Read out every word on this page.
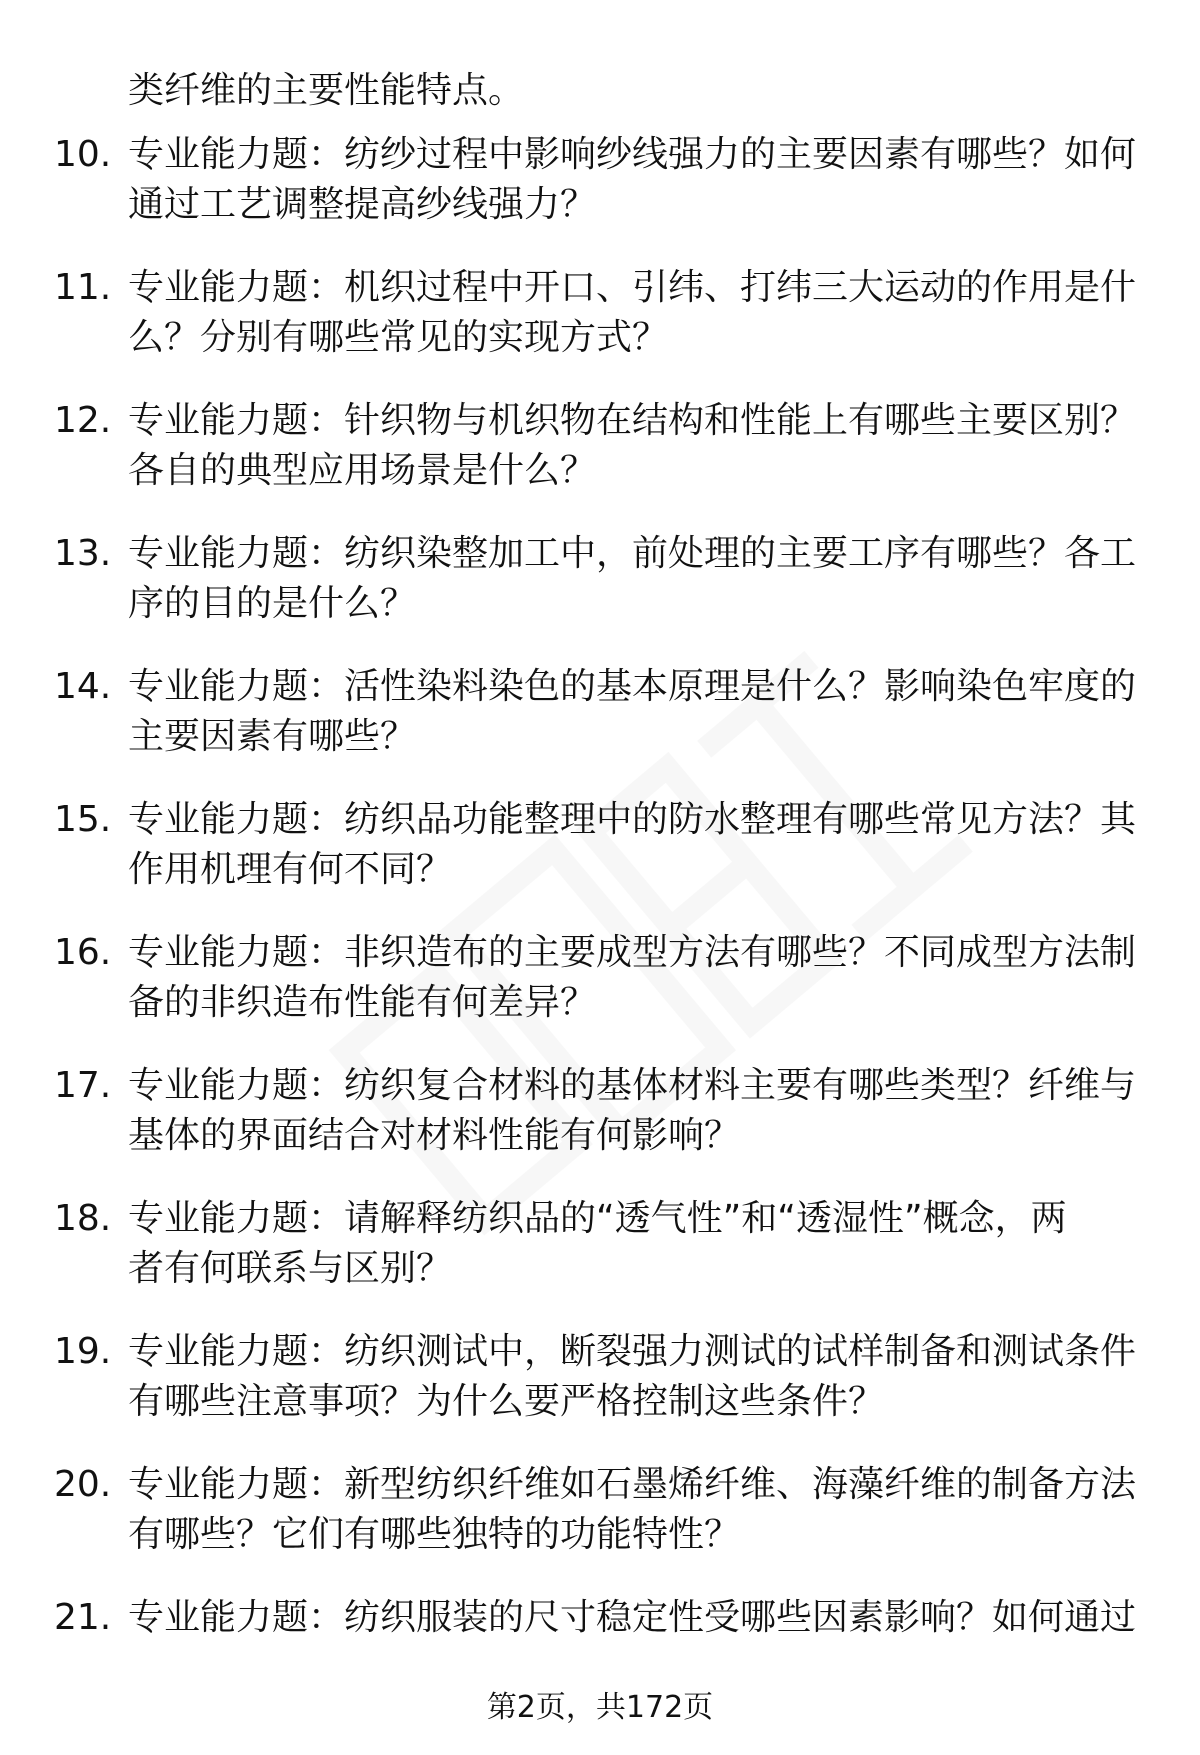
类纤维的主要性能特点。
10. 专业能力题：纺纱过程中影响纱线强力的主要因素有哪些？如何
通过工艺调整提高纱线强力？
11. 专业能力题：机织过程中开口、引纬、打纬三大运动的作用是什
么？分别有哪些常见的实现方式？
12. 专业能力题：针织物与机织物在结构和性能上有哪些主要区别？
各自的典型应用场景是什么？
13. 专业能力题：纺织染整加工中，前处理的主要工序有哪些？各工
序的目的是什么？
14. 专业能力题：活性染料染色的基本原理是什么？影响染色牢度的
主要因素有哪些？
15. 专业能力题：纺织品功能整理中的防水整理有哪些常见方法？其
作用机理有何不同？
16. 专业能力题：非织造布的主要成型方法有哪些？不同成型方法制
备的非织造布性能有何差异？
17. 专业能力题：纺织复合材料的基体材料主要有哪些类型？纤维与
基体的界面结合对材料性能有何影响？
18. 专业能力题：请解释纺织品的“透气性”和“透湿性”概念，两
者有何联系与区别？
19. 专业能力题：纺织测试中，断裂强力测试的试样制备和测试条件
有哪些注意事项？为什么要严格控制这些条件？
20. 专业能力题：新型纺织纤维如石墨烯纤维、海藻纤维的制备方法
有哪些？它们有哪些独特的功能特性？
21. 专业能力题：纺织服装的尺寸稳定性受哪些因素影响？如何通过
第2页，共172页
